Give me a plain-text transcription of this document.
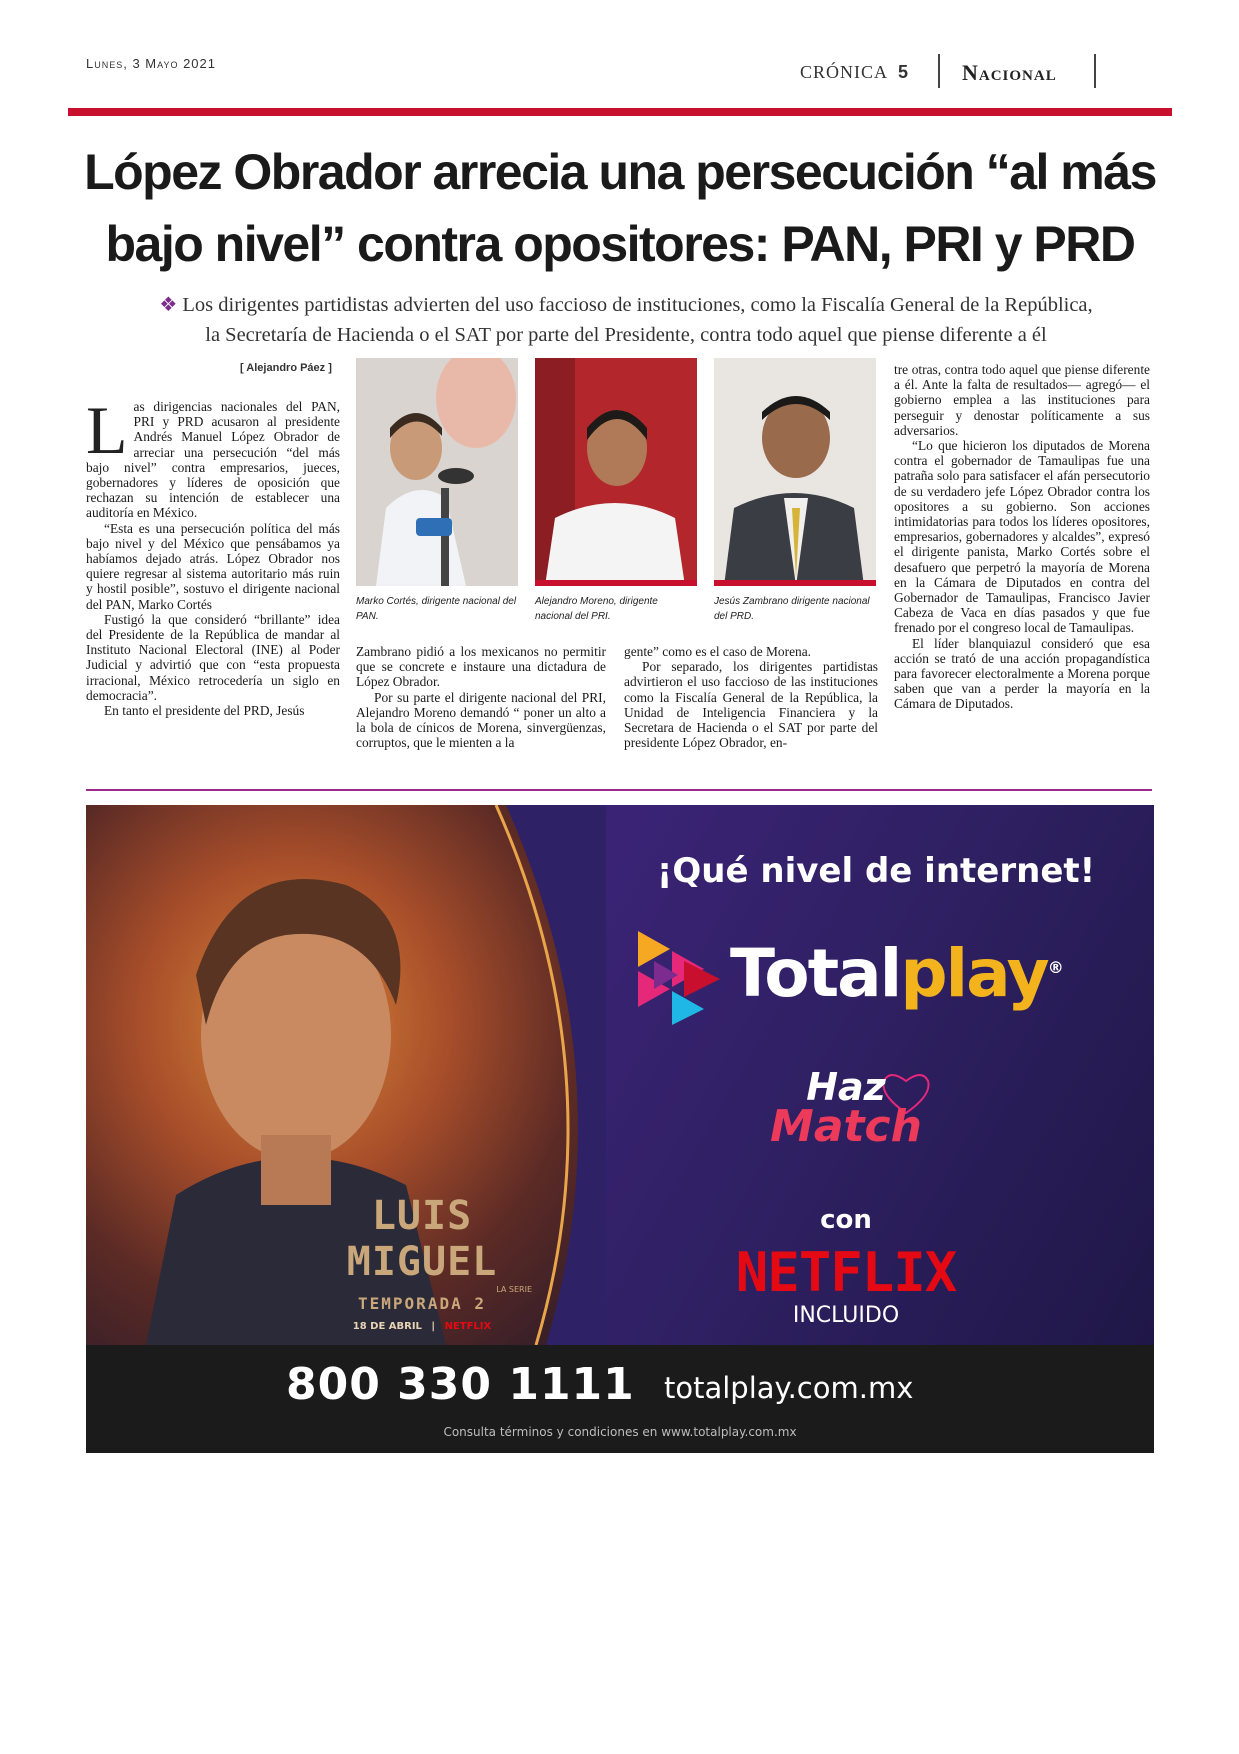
Lunes, 3 Mayo 2021	CRÓNICA 5 Nacional
López Obrador arrecia una persecución “al más
bajo nivel” contra opositores: PAN, PRI y PRD
❖ Los dirigentes partidistas advierten del uso faccioso de instituciones, como la Fiscalía General de la República,
la Secretaría de Hacienda o el SAT por parte del Presidente, contra todo aquel que piense diferente a él
[ Alejandro Páez ]

Las dirigencias nacionales del PAN, PRI y PRD acusaron al presidente Andrés Manuel López Obrador de arreciar una persecución “del más bajo nivel” contra empresarios, jueces, gobernadores y líderes de oposición que rechazan su intención de establecer una auditoría en México.

“Esta es una persecución política del más bajo nivel y del México que pensábamos ya habíamos dejado atrás. López Obrador nos quiere regresar al sistema autoritario más ruin y hostil posible”, sostuvo el dirigente nacional del PAN, Marko Cortés

Fustigó la que consideró “brillante” idea del Presidente de la República de mandar al Instituto Nacional Electoral (INE) al Poder Judicial y advirtió que con “esta propuesta irracional, México retrocedería un siglo en democracia”.

En tanto el presidente del PRD, Jesús

Marko Cortés, dirigente nacional del PAN.
Alejandro Moreno, dirigente nacional del PRI.
Jesús Zambrano dirigente nacional del PRD.

Zambrano pidió a los mexicanos no permitir que se concrete e instaure una dictadura de López Obrador.

Por su parte el dirigente nacional del PRI, Alejandro Moreno demandó “ poner un alto a la bola de cínicos de Morena, sinvergüenzas, corruptos, que le mienten a la

gente” como es el caso de Morena.

Por separado, los dirigentes partidistas advirtieron el uso faccioso de las instituciones como la Fiscalía General de la República, la Unidad de Inteligencia Financiera y la Secretara de Hacienda o el SAT por parte del presidente López Obrador, en-

tre otras, contra todo aquel que piense diferente a él. Ante la falta de resultados— agregó— el gobierno emplea a las instituciones para perseguir y denostar políticamente a sus adversarios.

“Lo que hicieron los diputados de Morena contra el gobernador de Tamaulipas fue una patraña solo para satisfacer el afán persecutorio de su verdadero jefe López Obrador contra los opositores a su gobierno. Son acciones intimidatorias para todos los líderes opositores, empresarios, gobernadores y alcaldes”, expresó el dirigente panista, Marko Cortés sobre el desafuero que perpetró la mayoría de Morena en la Cámara de Diputados en contra del Gobernador de Tamaulipas, Francisco Javier Cabeza de Vaca en días pasados y que fue frenado por el congreso local de Tamaulipas.

El líder blanquiazul consideró que esa acción se trató de una acción propagandística para favorecer electoralmente a Morena porque saben que van a perder la mayoría en la Cámara de Diputados.

LUIS MIGUEL
LA SERIE
TEMPORADA 2
18 DE ABRIL | NETFLIX
¡Qué nivel de internet!
Totalplay®
Haz
Match
con
NETFLIX
INCLUIDO
800 330 1111 totalplay.com.mx
Consulta términos y condiciones en www.totalplay.com.mx
